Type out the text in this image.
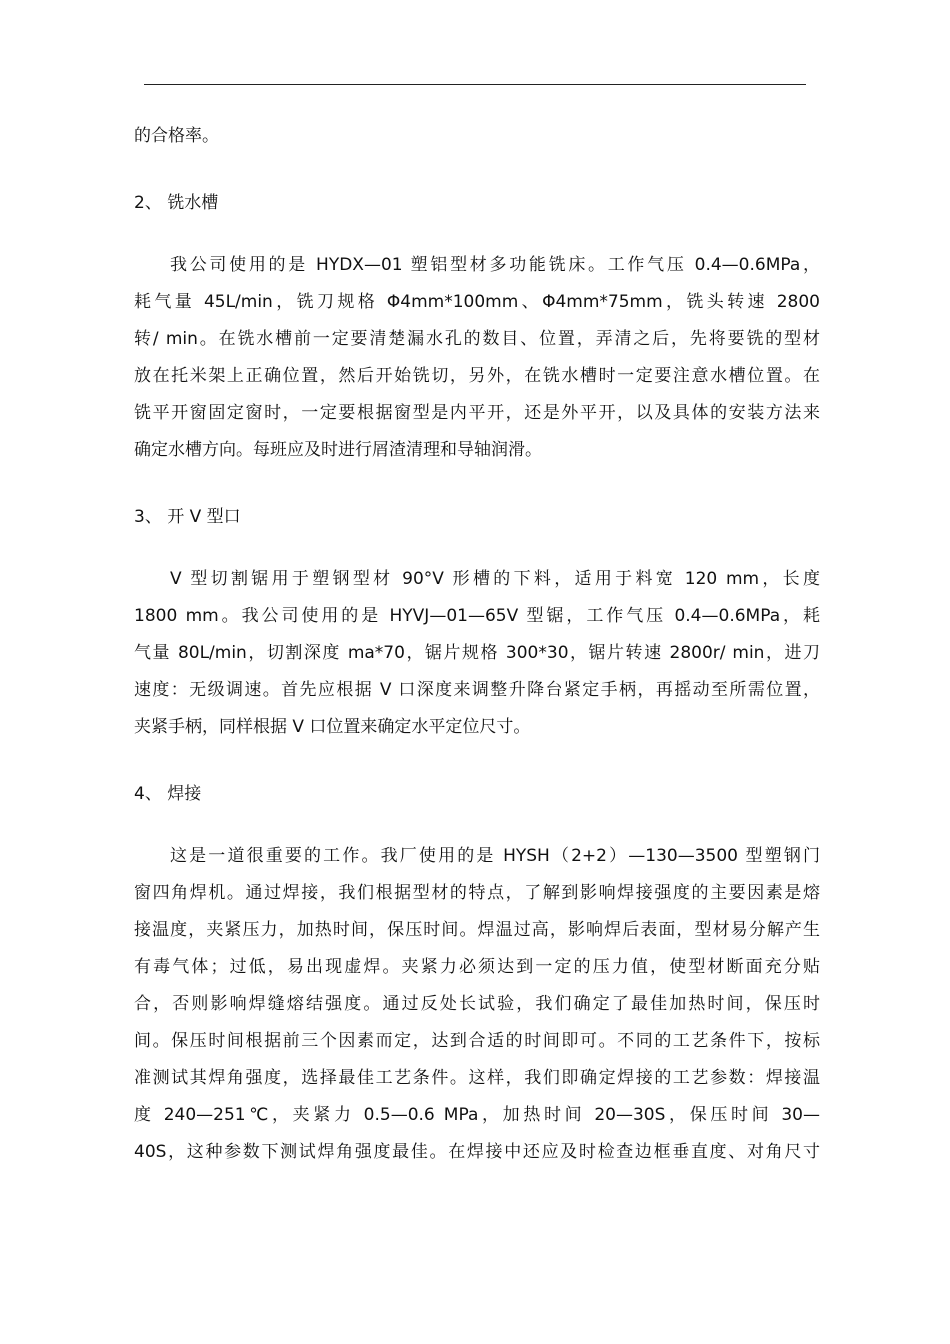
的合格率。
2、 铣水槽
我公司使用的是 HYDX—01 塑铝型材多功能铣床。工作气压 0.4—0.6MPa，
耗气量 45L/min，铣刀规格 Φ4mm*100mm、Φ4mm*75mm，铣头转速 2800
转/ min。在铣水槽前一定要清楚漏水孔的数目、位置，弄清之后，先将要铣的型材
放在托米架上正确位置，然后开始铣切，另外，在铣水槽时一定要注意水槽位置。在
铣平开窗固定窗时，一定要根据窗型是内平开，还是外平开，以及具体的安装方法来
确定水槽方向。每班应及时进行屑渣清理和导轴润滑。
3、 开 V 型口
V 型切割锯用于塑钢型材 90°V 形槽的下料，适用于料宽 120 mm，长度
1800 mm。我公司使用的是 HYVJ—01—65V 型锯，工作气压 0.4—0.6MPa，耗
气量 80L/min，切割深度 ma*70，锯片规格 300*30，锯片转速 2800r/ min，进刀
速度：无级调速。首先应根据 V 口深度来调整升降台紧定手柄，再摇动至所需位置，
夹紧手柄，同样根据 V 口位置来确定水平定位尺寸。
4、 焊接
这是一道很重要的工作。我厂使用的是 HYSH（2+2）—130—3500 型塑钢门
窗四角焊机。通过焊接，我们根据型材的特点，了解到影响焊接强度的主要因素是熔
接温度，夹紧压力，加热时间，保压时间。焊温过高，影响焊后表面，型材易分解产生
有毒气体；过低，易出现虚焊。夹紧力必须达到一定的压力值，使型材断面充分贴
合，否则影响焊缝熔结强度。通过反处长试验，我们确定了最佳加热时间，保压时
间。保压时间根据前三个因素而定，达到合适的时间即可。不同的工艺条件下，按标
准测试其焊角强度，选择最佳工艺条件。这样，我们即确定焊接的工艺参数：焊接温
度 240—251℃，夹紧力 0.5—0.6 MPa，加热时间 20—30S，保压时间 30—
40S，这种参数下测试焊角强度最佳。在焊接中还应及时检查边框垂直度、对角尺寸
